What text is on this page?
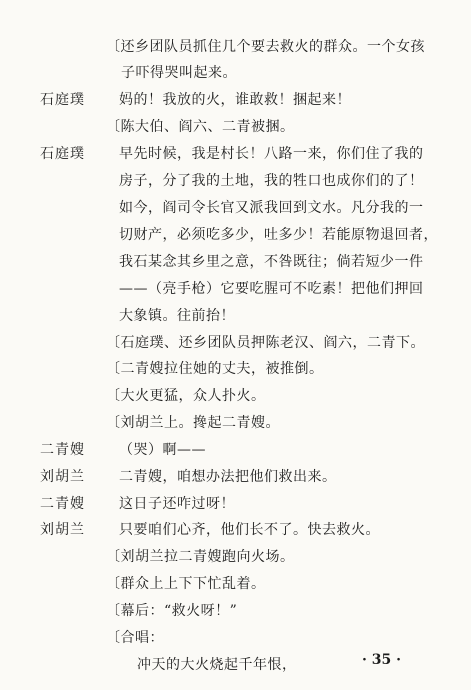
〔还乡团队员抓住几个要去救火的群众。一个女孩
子吓得哭叫起来。
石庭璞 妈的！我放的火，谁敢救！捆起来！
〔陈大伯、阎六、二青被捆。
石庭璞 早先时候，我是村长！八路一来，你们住了我的
房子，分了我的土地，我的牲口也成你们的了！
如今，阎司令长官又派我回到文水。凡分我的一
切财产，必须吃多少，吐多少！若能原物退回者，
我石某念其乡里之意，不咎既往；倘若短少一件
——（亮手枪）它要吃腥可不吃素！把他们押回
大象镇。往前抬！
〔石庭璞、还乡团队员押陈老汉、阎六，二青下。
〔二青嫂拉住她的丈夫，被推倒。
〔大火更猛，众人扑火。
〔刘胡兰上。搀起二青嫂。
二青嫂 （哭）啊——
刘胡兰 二青嫂，咱想办法把他们救出来。
二青嫂 这日子还咋过呀！
刘胡兰 只要咱们心齐，他们长不了。快去救火。
〔刘胡兰拉二青嫂跑向火场。
〔群众上上下下忙乱着。
〔幕后：“救火呀！”
〔合唱：
冲天的大火烧起千年恨，	· 35 ·
